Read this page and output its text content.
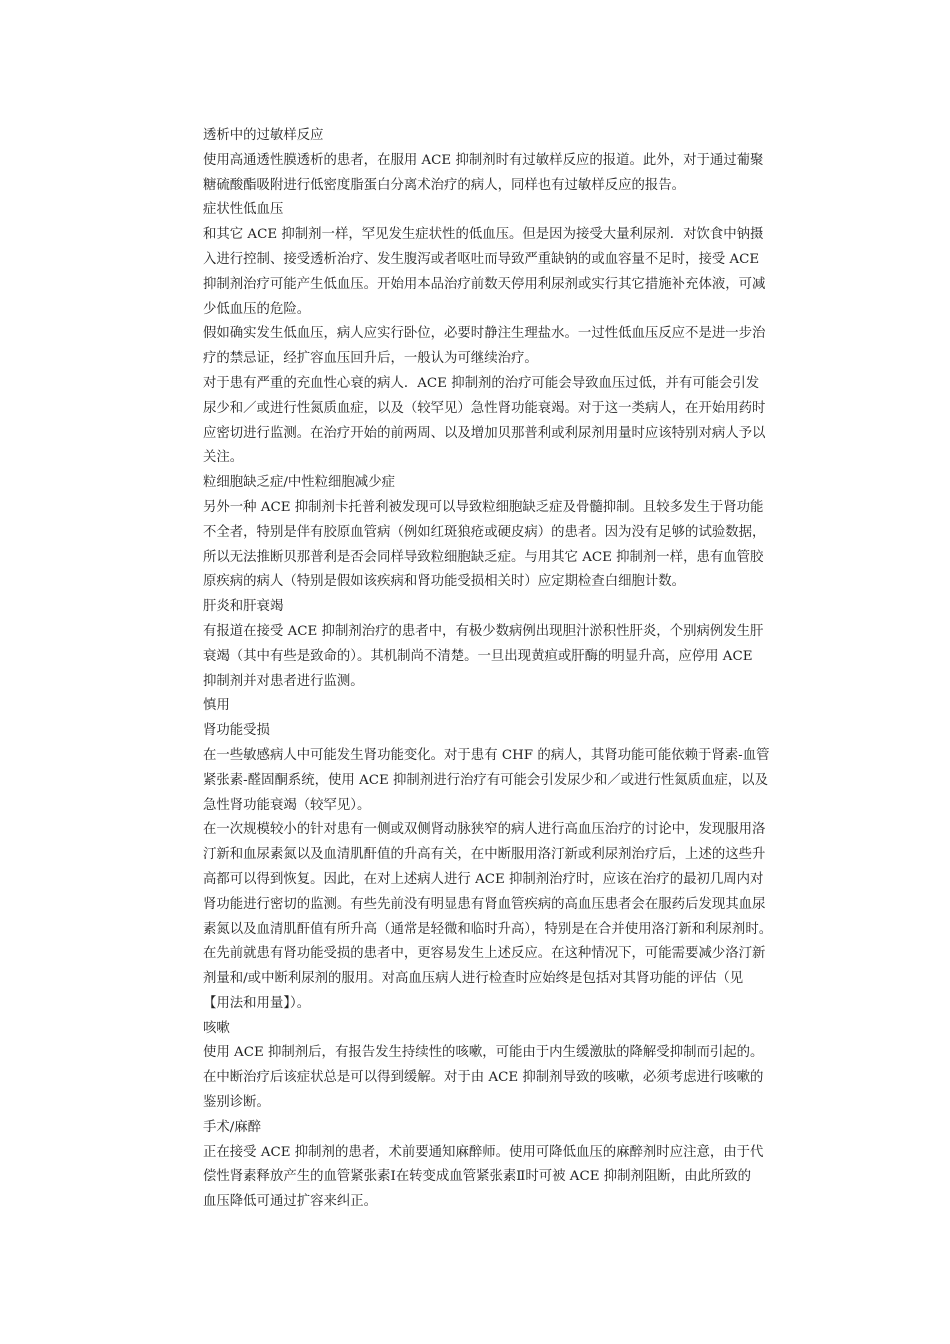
透析中的过敏样反应
使用高通透性膜透析的患者，在服用 ACE 抑制剂时有过敏样反应的报道。此外，对于通过葡聚
糖硫酸酯吸附进行低密度脂蛋白分离术治疗的病人，同样也有过敏样反应的报告。
症状性低血压
和其它 ACE 抑制剂一样，罕见发生症状性的低血压。但是因为接受大量利尿剂．对饮食中钠摄
入进行控制、接受透析治疗、发生腹泻或者呕吐而导致严重缺钠的或血容量不足时，接受 ACE
抑制剂治疗可能产生低血压。开始用本品治疗前数天停用利尿剂或实行其它措施补充体液，可减
少低血压的危险。
假如确实发生低血压，病人应实行卧位，必要时静注生理盐水。一过性低血压反应不是进一步治
疗的禁忌证，经扩容血压回升后，一般认为可继续治疗。
对于患有严重的充血性心衰的病人．ACE 抑制剂的治疗可能会导致血压过低，并有可能会引发
尿少和／或进行性氮质血症，以及（较罕见）急性肾功能衰竭。对于这一类病人，在开始用药时
应密切进行监测。在治疗开始的前两周、以及增加贝那普利或利尿剂用量时应该特别对病人予以
关注。
粒细胞缺乏症/中性粒细胞减少症
另外一种 ACE 抑制剂卡托普利被发现可以导致粒细胞缺乏症及骨髓抑制。且较多发生于肾功能
不全者，特别是伴有胶原血管病（例如红斑狼疮或硬皮病）的患者。因为没有足够的试验数据，
所以无法推断贝那普利是否会同样导致粒细胞缺乏症。与用其它 ACE 抑制剂一样，患有血管胶
原疾病的病人（特别是假如该疾病和肾功能受损相关时）应定期检查白细胞计数。
肝炎和肝衰竭
有报道在接受 ACE 抑制剂治疗的患者中，有极少数病例出现胆汁淤积性肝炎，个别病例发生肝
衰竭（其中有些是致命的）。其机制尚不清楚。一旦出现黄疸或肝酶的明显升高，应停用 ACE
抑制剂并对患者进行监测。
慎用
肾功能受损
在一些敏感病人中可能发生肾功能变化。对于患有 CHF 的病人，其肾功能可能依赖于肾素-血管
紧张素-醛固酮系统，使用 ACE 抑制剂进行治疗有可能会引发尿少和／或进行性氮质血症，以及
急性肾功能衰竭（较罕见）。
在一次规模较小的针对患有一侧或双侧肾动脉狭窄的病人进行高血压治疗的讨论中，发现服用洛
汀新和血尿素氮以及血清肌酐值的升高有关，在中断服用洛汀新或利尿剂治疗后，上述的这些升
高都可以得到恢复。因此，在对上述病人进行 ACE 抑制剂治疗时，应该在治疗的最初几周内对
肾功能进行密切的监测。有些先前没有明显患有肾血管疾病的高血压患者会在服药后发现其血尿
素氮以及血清肌酐值有所升高（通常是轻微和临时升高），特别是在合并使用洛汀新和利尿剂时。
在先前就患有肾功能受损的患者中，更容易发生上述反应。在这种情况下，可能需要减少洛汀新
剂量和/或中断利尿剂的服用。对高血压病人进行检查时应始终是包括对其肾功能的评估（见
【用法和用量】）。
咳嗽
使用 ACE 抑制剂后，有报告发生持续性的咳嗽，可能由于内生缓激肽的降解受抑制而引起的。
在中断治疗后该症状总是可以得到缓解。对于由 ACE 抑制剂导致的咳嗽，必须考虑进行咳嗽的
鉴别诊断。
手术/麻醉
正在接受 ACE 抑制剂的患者，术前要通知麻醉师。使用可降低血压的麻醉剂时应注意，由于代
偿性肾素释放产生的血管紧张素Ⅰ在转变成血管紧张素Ⅱ时可被 ACE 抑制剂阻断，由此所致的
血压降低可通过扩容来纠正。
